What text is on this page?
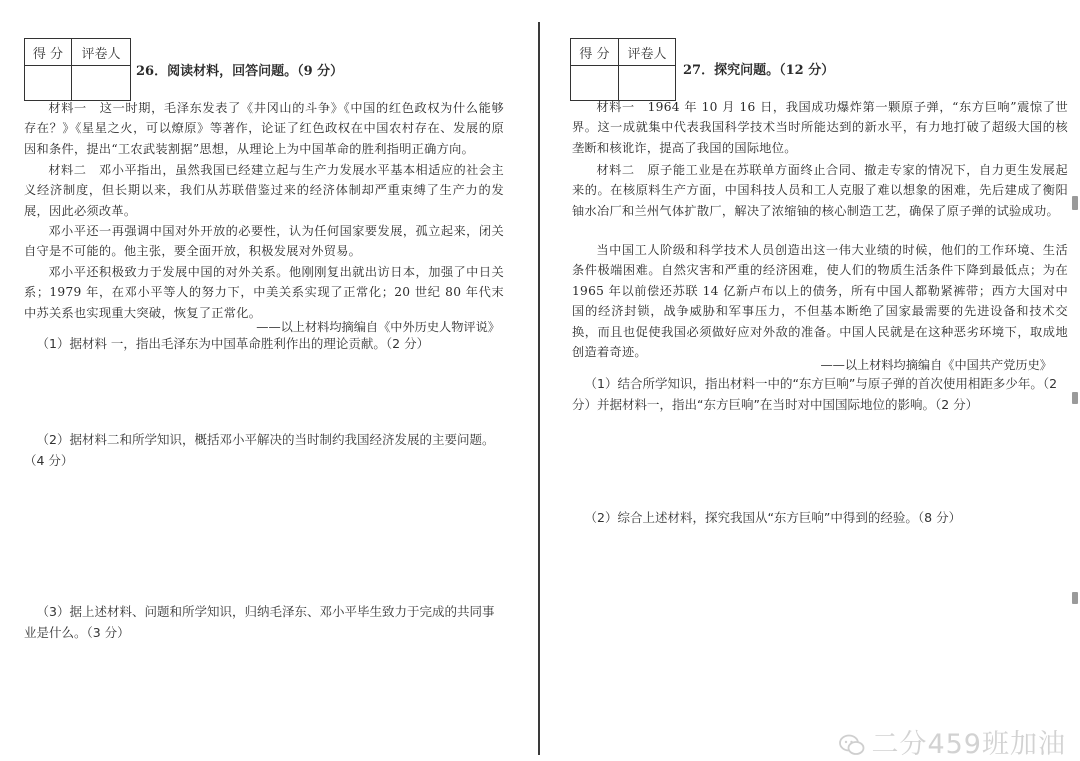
得 分	评卷人

26．阅读材料，回答问题。（9 分）

材料一　这一时期，毛泽东发表了《井冈山的斗争》《中国的红色政权为什么能够存在？》《星星之火，可以燎原》等著作，论证了红色政权在中国农村存在、发展的原因和条件，提出“工农武装割据”思想，从理论上为中国革命的胜利指明正确方向。

材料二　邓小平指出，虽然我国已经建立起与生产力发展水平基本相适应的社会主义经济制度，但长期以来，我们从苏联借鉴过来的经济体制却严重束缚了生产力的发展，因此必须改革。

邓小平还一再强调中国对外开放的必要性，认为任何国家要发展，孤立起来，闭关自守是不可能的。他主张，要全面开放，积极发展对外贸易。

邓小平还积极致力于发展中国的对外关系。他刚刚复出就出访日本，加强了中日关系；1979 年，在邓小平等人的努力下，中美关系实现了正常化；20 世纪 80 年代末中苏关系也实现重大突破，恢复了正常化。

——以上材料均摘编自《中外历史人物评说》

（1）据材料 一，指出毛泽东为中国革命胜利作出的理论贡献。（2 分）

（2）据材料二和所学知识，概括邓小平解决的当时制约我国经济发展的主要问题。（4 分）

（3）据上述材料、问题和所学知识，归纳毛泽东、邓小平毕生致力于完成的共同事业是什么。（3 分）

得 分	评卷人

27．探究问题。（12 分）

材料一　1964 年 10 月 16 日，我国成功爆炸第一颗原子弹，“东方巨响”震惊了世界。这一成就集中代表我国科学技术当时所能达到的新水平，有力地打破了超级大国的核垄断和核讹诈，提高了我国的国际地位。

材料二　原子能工业是在苏联单方面终止合同、撤走专家的情况下，自力更生发展起来的。在核原料生产方面，中国科技人员和工人克服了难以想象的困难，先后建成了衡阳铀水冶厂和兰州气体扩散厂，解决了浓缩铀的核心制造工艺，确保了原子弹的试验成功。

当中国工人阶级和科学技术人员创造出这一伟大业绩的时候，他们的工作环境、生活条件极端困难。自然灾害和严重的经济困难，使人们的物质生活条件下降到最低点；为在 1965 年以前偿还苏联 14 亿新卢布以上的债务，所有中国人都勒紧裤带；西方大国对中国的经济封锁，战争威胁和军事压力，不但基本断绝了国家最需要的先进设备和技术交换，而且也促使我国必须做好应对外敌的准备。中国人民就是在这种恶劣环境下，取成地创造着奇迹。

——以上材料均摘编自《中国共产党历史》

（1）结合所学知识，指出材料一中的“东方巨响”与原子弹的首次使用相距多少年。（2 分）并据材料一，指出“东方巨响”在当时对中国国际地位的影响。（2 分）

（2）综合上述材料，探究我国从“东方巨响”中得到的经验。（8 分）

二分459班加油
